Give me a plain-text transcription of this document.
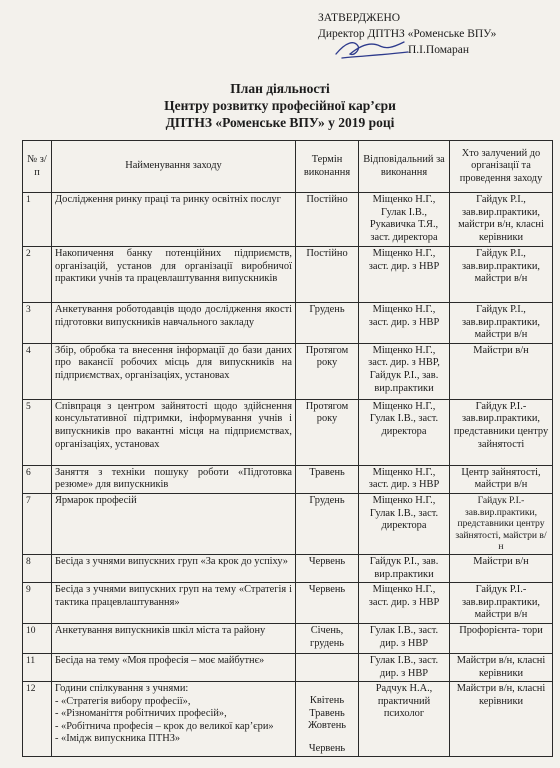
ЗАТВЕРДЖЕНО
Директор ДПТНЗ «Роменське ВПУ»
П.І.Помаран
План діяльності
Центру розвитку професійної кар’єри
ДПТНЗ «Роменське ВПУ» у 2019 році
№ з/п	Найменування заходу	Термін виконання	Відповідальний за виконання	Хто залучений до організації та проведення заходу
1	Дослідження ринку праці та ринку освітніх послуг	Постійно	Міщенко Н.Г., Гулак І.В., Рукавичка Т.Я., заст. директора	Гайдук Р.І., зав.вир.практики, майстри в/н, класні керівники
2	Накопичення банку потенційних підприємств, організацій, установ для організації виробничої практики учнів та працевлаштування випускників	Постійно	Міщенко Н.Г., заст. дир. з НВР	Гайдук Р.І., зав.вир.практики, майстри в/н
3	Анкетування роботодавців щодо дослідження якості підготовки випускників навчального закладу	Грудень	Міщенко Н.Г., заст. дир. з НВР	Гайдук Р.І., зав.вир.практики, майстри в/н
4	Збір, обробка та внесення інформації до бази даних про вакансії робочих місць для випускників на підприємствах, організаціях, установах	Протягом року	Міщенко Н.Г., заст. дир. з НВР, Гайдук Р.І., зав. вир.практики	Майстри в/н
5	Співпраця з центром зайнятості щодо здійснення консультативної підтримки, інформування учнів і випускників про вакантні місця на підприємствах, організаціях, установах	Протягом року	Міщенко Н.Г., Гулак І.В., заст. директора	Гайдук Р.І.- зав.вир.практики, представники центру зайнятості
6	Заняття з техніки пошуку роботи «Підготовка резюме» для випускників	Травень	Міщенко Н.Г., заст. дир. з НВР	Центр зайнятості, майстри в/н
7	Ярмарок професій	Грудень	Міщенко Н.Г., Гулак І.В., заст. директора	Гайдук Р.І.- зав.вир.практики, представники центру зайнятості, майстри в/н
8	Бесіда з учнями випускних груп «За крок до успіху»	Червень	Гайдук Р.І., зав. вир.практики	Майстри в/н
9	Бесіда з учнями випускних груп на тему «Стратегія і тактика працевлаштування»	Червень	Міщенко Н.Г., заст. дир. з НВР	Гайдук Р.І.- зав.вир.практики, майстри в/н
10	Анкетування випускників шкіл міста та району	Січень, грудень	Гулак І.В., заст. дир. з НВР	Профорієнта- тори
11	Бесіда на тему «Моя професія – моє майбутнє»		Гулак І.В., заст. дир. з НВР	Майстри в/н, класні керівники
12	Години спілкування з учнями:
- «Стратегія вибору професії»,
- «Різноманіття робітничих професій»,
- «Робітнича професія – крок до великої кар’єри»
- «Імідж випускника ПТНЗ»	Квітень
Травень
Жовтень
Червень	Радчук Н.А., практичний психолог	Майстри в/н, класні керівники
